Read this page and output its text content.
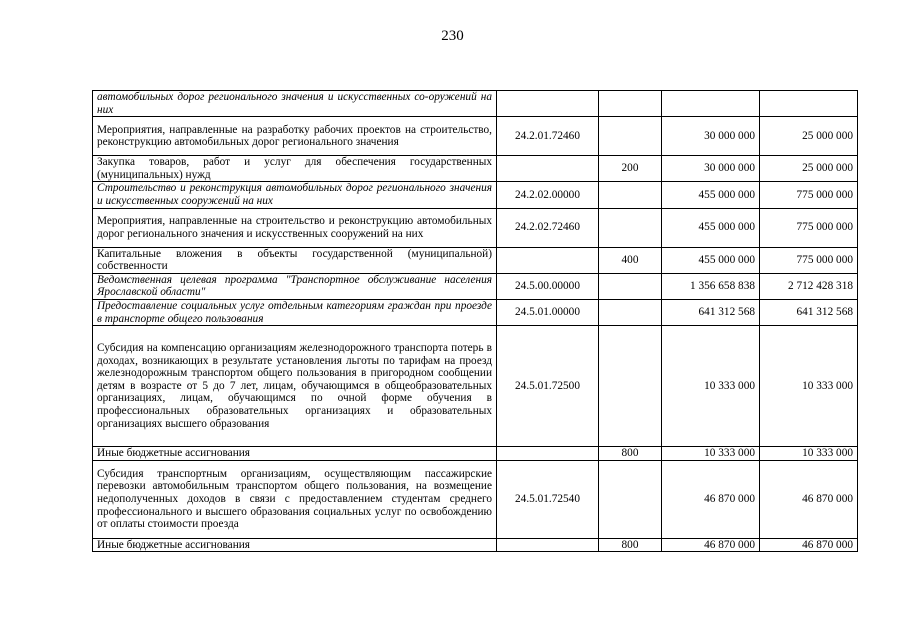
230
автомобильных дорог регионального значения и искусственных со-оружений на них				
Мероприятия, направленные на разработку рабочих проектов на строительство, реконструкцию автомобильных дорог регионального значения	24.2.01.72460		30 000 000	25 000 000
Закупка товаров, работ и услуг для обеспечения государственных (муниципальных) нужд		200	30 000 000	25 000 000
Строительство и реконструкция автомобильных дорог регионального значения и искусственных сооружений на них	24.2.02.00000		455 000 000	775 000 000
Мероприятия, направленные на строительство и реконструкцию автомобильных дорог регионального значения и искусственных сооружений на них	24.2.02.72460		455 000 000	775 000 000
Капитальные вложения в объекты государственной (муниципальной) собственности		400	455 000 000	775 000 000
Ведомственная целевая программа "Транспортное обслуживание населения Ярославской области"	24.5.00.00000		1 356 658 838	2 712 428 318
Предоставление социальных услуг отдельным категориям граждан при проезде в транспорте общего пользования	24.5.01.00000		641 312 568	641 312 568
Субсидия на компенсацию организациям железнодорожного транспорта потерь в доходах, возникающих в результате установления льготы по тарифам на проезд железнодорожным транспортом общего пользования в пригородном сообщении детям в возрасте от 5 до 7 лет, лицам, обучающимся в общеобразовательных организациях, лицам, обучающимся по очной форме обучения в профессиональных образовательных организациях и образовательных организациях высшего образования	24.5.01.72500		10 333 000	10 333 000
Иные бюджетные ассигнования		800	10 333 000	10 333 000
Субсидия транспортным организациям, осуществляющим пассажирские перевозки автомобильным транспортом общего пользования, на возмещение недополученных доходов в связи с предоставлением студентам среднего профессионального и высшего образования социальных услуг по освобождению от оплаты стоимости проезда	24.5.01.72540		46 870 000	46 870 000
Иные бюджетные ассигнования		800	46 870 000	46 870 000
